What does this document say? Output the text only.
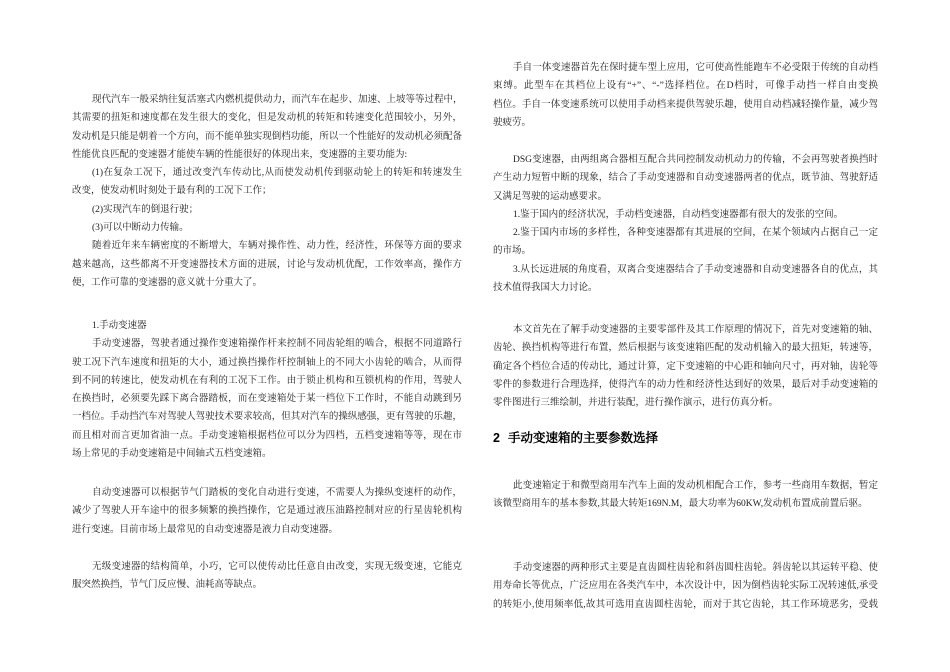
现代汽车一般采纳往复活塞式内燃机提供动力，而汽车在起步、加速、上坡等等过程中，
其需要的扭矩和速度都在发生很大的变化，但是发动机的转矩和转速变化范围较小，另外，
发动机是只能是朝着一个方向，而不能单独实现倒档功能，所以一个性能好的发动机必须配备
性能优良匹配的变速器才能使车辆的性能很好的体现出来，变速器的主要功能为:
(1)在复杂工况下，通过改变汽车传动比,从而使发动机传到驱动轮上的转矩和转速发生
改变，使发动机时刻处于最有利的工况下工作；
(2)实现汽车的倒退行驶；
(3)可以中断动力传输。
随着近年来车辆密度的不断增大，车辆对操作性、动力性，经济性，环保等方面的要求
越来越高，这些都离不开变速器技术方面的进展，讨论与发动机优配，工作效率高，操作方
便，工作可靠的变速器的意义就十分重大了。
1.手动变速器
手动变速器，驾驶者通过操作变速箱操作杆来控制不同齿轮组的啮合，根据不同道路行
驶工况下汽车速度和扭矩的大小，通过换挡操作杆控制轴上的不同大小齿轮的啮合，从而得
到不同的转速比，使发动机在有利的工况下工作。由于锁止机构和互锁机构的作用，驾驶人
在换挡时，必须要先踩下离合器踏板，而在变速箱处于某一档位下工作时，不能自动跳到另
一档位。手动挡汽车对驾驶人驾驶技术要求较高，但其对汽车的操纵感强，更有驾驶的乐趣，
而且相对而言更加省油一点。手动变速箱根据档位可以分为四档，五档变速箱等等，现在市
场上常见的手动变速箱是中间轴式五档变速箱。
自动变速器可以根据节气门踏板的变化自动进行变速，不需要人为操纵变速杆的动作，
减少了驾驶人开车途中的很多频繁的换挡操作，它是通过液压油路控制对应的行星齿轮机构
进行变速。目前市场上最常见的自动变速器是液力自动变速器。
无级变速器的结构简单，小巧，它可以使传动比任意自由改变，实现无级变速，它能克
服突然换挡，节气门反应慢、油耗高等缺点。
手自一体变速器首先在保时捷车型上应用，它可使高性能跑车不必受限于传统的自动档
束缚。此型车在其档位上设有“+”、“-”选择档位。在D档时，可像手动挡一样自由变换
档位。手自一体变速系统可以使用手动档来提供驾驶乐趣，使用自动档减轻操作量，减少驾
驶疲劳。
DSG变速器，由两组离合器相互配合共同控制发动机动力的传输，不会再驾驶者换挡时
产生动力短暂中断的现象，结合了手动变速器和自动变速器两者的优点，既节油、驾驶舒适
又满足驾驶的运动感要求。
1.鉴于国内的经济状况，手动档变速器，自动档变速器都有很大的发张的空间。
2.鉴于国内市场的多样性，各种变速器都有其进展的空间，在某个领域内占据自己一定
的市场。
3.从长远进展的角度看，双离合变速器结合了手动变速器和自动变速器各自的优点，其
技术值得我国大力讨论。
本文首先在了解手动变速器的主要零部件及其工作原理的情况下，首先对变速箱的轴、
齿轮、换挡机构等进行布置，然后根据与该变速箱匹配的发动机输入的最大扭矩，转速等，
确定各个档位合适的传动比，通过计算，定下变速箱的中心距和轴向尺寸，再对轴，齿轮等
零件的参数进行合理选择，使得汽车的动力性和经济性达到好的效果，最后对手动变速箱的
零件图进行三维绘制，并进行装配，进行操作演示，进行仿真分析。
2 手动变速箱的主要参数选择
此变速箱定于和微型商用车汽车上面的发动机相配合工作，参考一些商用车数据，暂定
该微型商用车的基本参数,其最大转矩169N.M，最大功率为60KW,发动机布置成前置后驱。
手动变速器的两种形式主要是直齿圆柱齿轮和斜齿圆柱齿轮。斜齿轮以其运转平稳、使
用寿命长等优点，广泛应用在各类汽车中，本次设计中，因为倒档齿轮实际工况转速低,承受
的转矩小,使用频率低,故其可选用直齿圆柱齿轮，而对于其它齿轮，其工作环境恶劣，受载
